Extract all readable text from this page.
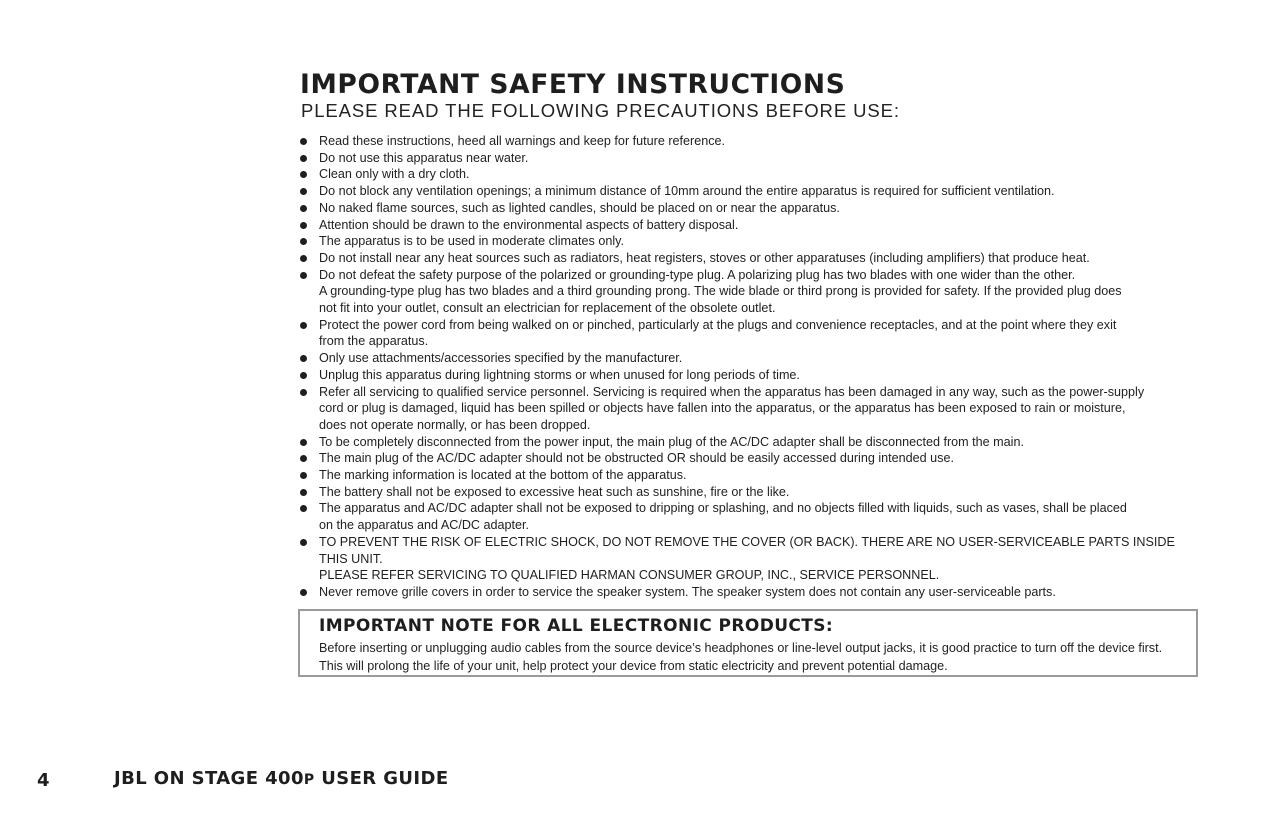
IMPORTANT SAFETY INSTRUCTIONS
PLEASE READ THE FOLLOWING PRECAUTIONS BEFORE USE:
Read these instructions, heed all warnings and keep for future reference.
Do not use this apparatus near water.
Clean only with a dry cloth.
Do not block any ventilation openings; a minimum distance of 10mm around the entire apparatus is required for sufficient ventilation.
No naked flame sources, such as lighted candles, should be placed on or near the apparatus.
Attention should be drawn to the environmental aspects of battery disposal.
The apparatus is to be used in moderate climates only.
Do not install near any heat sources such as radiators, heat registers, stoves or other apparatuses (including amplifiers) that produce heat.
Do not defeat the safety purpose of the polarized or grounding-type plug. A polarizing plug has two blades with one wider than the other.
A grounding-type plug has two blades and a third grounding prong. The wide blade or third prong is provided for safety. If the provided plug does
not fit into your outlet, consult an electrician for replacement of the obsolete outlet.
Protect the power cord from being walked on or pinched, particularly at the plugs and convenience receptacles, and at the point where they exit
from the apparatus.
Only use attachments/accessories specified by the manufacturer.
Unplug this apparatus during lightning storms or when unused for long periods of time.
Refer all servicing to qualified service personnel. Servicing is required when the apparatus has been damaged in any way, such as the power-supply
cord or plug is damaged, liquid has been spilled or objects have fallen into the apparatus, or the apparatus has been exposed to rain or moisture,
does not operate normally, or has been dropped.
To be completely disconnected from the power input, the main plug of the AC/DC adapter shall be disconnected from the main.
The main plug of the AC/DC adapter should not be obstructed OR should be easily accessed during intended use.
The marking information is located at the bottom of the apparatus.
The battery shall not be exposed to excessive heat such as sunshine, fire or the like.
The apparatus and AC/DC adapter shall not be exposed to dripping or splashing, and no objects filled with liquids, such as vases, shall be placed
on the apparatus and AC/DC adapter.
TO PREVENT THE RISK OF ELECTRIC SHOCK, DO NOT REMOVE THE COVER (OR BACK). THERE ARE NO USER-SERVICEABLE PARTS INSIDE THIS UNIT.
PLEASE REFER SERVICING TO QUALIFIED HARMAN CONSUMER GROUP, INC., SERVICE PERSONNEL.
Never remove grille covers in order to service the speaker system. The speaker system does not contain any user-serviceable parts.
IMPORTANT NOTE FOR ALL ELECTRONIC PRODUCTS:

Before inserting or unplugging audio cables from the source device’s headphones or line-level output jacks, it is good practice to turn off the device first. This will prolong the life of your unit, help protect your device from static electricity and prevent potential damage.

4	JBL ON STAGE 400P USER GUIDE
